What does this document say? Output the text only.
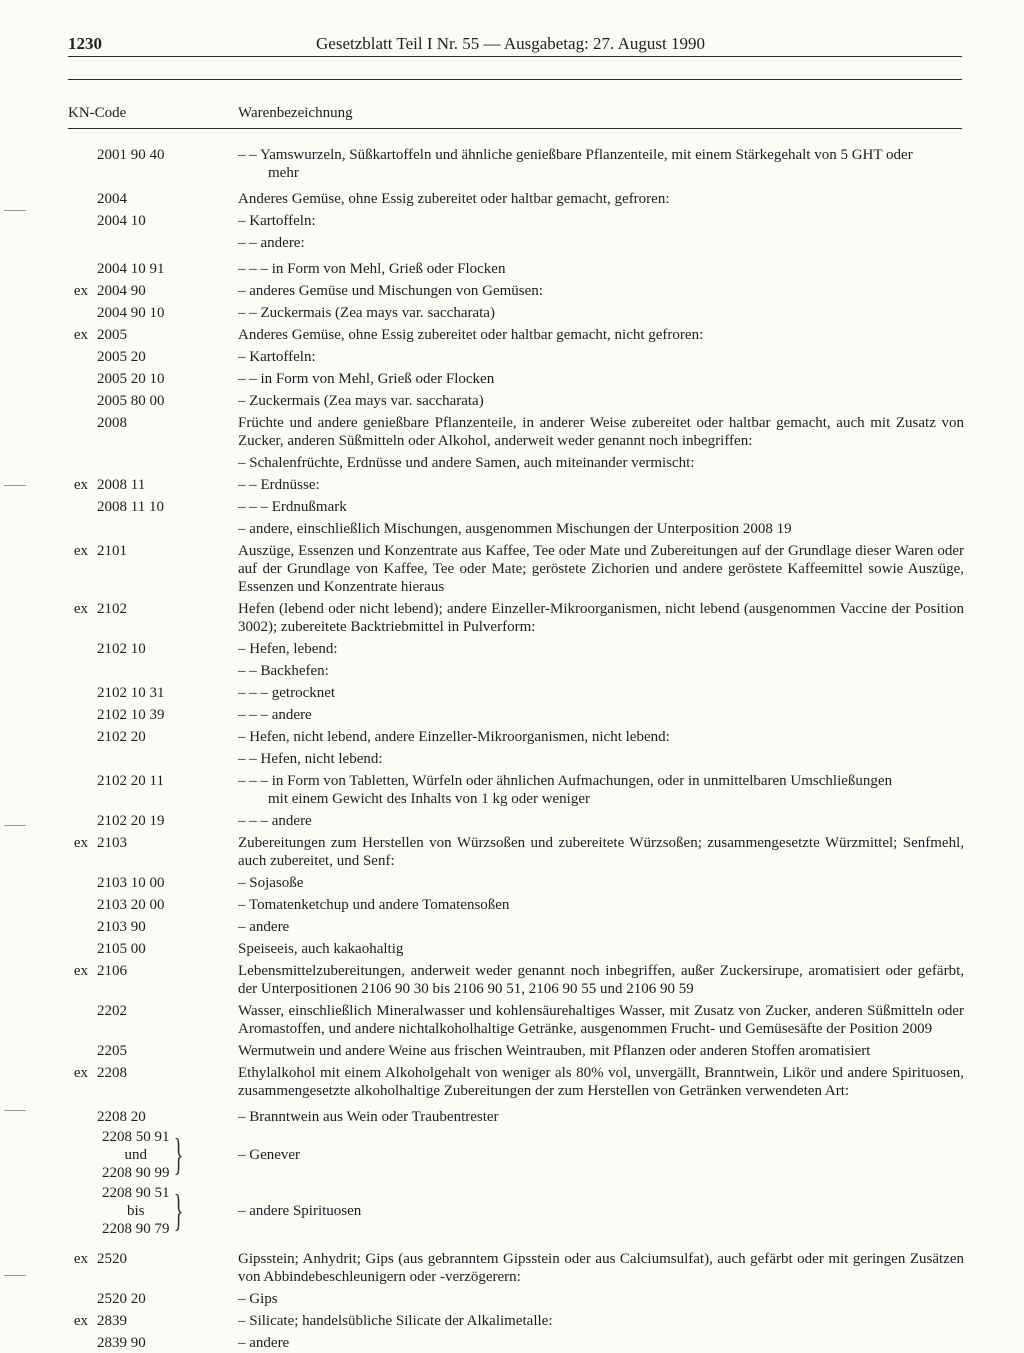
1230	Gesetzblatt Teil I Nr. 55 — Ausgabetag: 27. August 1990
KN-Code	Warenbezeichnung
2001 90 40	– – Yamswurzeln, Süßkartoffeln und ähnliche genießbare Pflanzenteile, mit einem Stärkegehalt von 5 GHT oder
mehr
2004	Anderes Gemüse, ohne Essig zubereitet oder haltbar gemacht, gefroren:
2004 10	– Kartoffeln:
– – andere:
2004 10 91	– – – in Form von Mehl, Grieß oder Flocken
ex 2004 90	– anderes Gemüse und Mischungen von Gemüsen:
2004 90 10	– – Zuckermais (Zea mays var. saccharata)
ex 2005	Anderes Gemüse, ohne Essig zubereitet oder haltbar gemacht, nicht gefroren:
2005 20	– Kartoffeln:
2005 20 10	– – in Form von Mehl, Grieß oder Flocken
2005 80 00	– Zuckermais (Zea mays var. saccharata)
2008	Früchte und andere genießbare Pflanzenteile, in anderer Weise zubereitet oder haltbar gemacht, auch mit Zusatz von Zucker, anderen Süßmitteln oder Alkohol, anderweit weder genannt noch inbegriffen:
– Schalenfrüchte, Erdnüsse und andere Samen, auch miteinander vermischt:
ex 2008 11	– – Erdnüsse:
2008 11 10	– – – Erdnußmark
– andere, einschließlich Mischungen, ausgenommen Mischungen der Unterposition 2008 19
ex 2101	Auszüge, Essenzen und Konzentrate aus Kaffee, Tee oder Mate und Zubereitungen auf der Grundlage dieser Waren oder auf der Grundlage von Kaffee, Tee oder Mate; geröstete Zichorien und andere geröstete Kaffeemittel sowie Auszüge, Essenzen und Konzentrate hieraus
ex 2102	Hefen (lebend oder nicht lebend); andere Einzeller-Mikroorganismen, nicht lebend (ausgenommen Vaccine der Position 3002); zubereitete Backtriebmittel in Pulverform:
2102 10	– Hefen, lebend:
– – Backhefen:
2102 10 31	– – – getrocknet
2102 10 39	– – – andere
2102 20	– Hefen, nicht lebend, andere Einzeller-Mikroorganismen, nicht lebend:
– – Hefen, nicht lebend:
2102 20 11	– – – in Form von Tabletten, Würfeln oder ähnlichen Aufmachungen, oder in unmittelbaren Umschließungen
mit einem Gewicht des Inhalts von 1 kg oder weniger
2102 20 19	– – – andere
ex 2103	Zubereitungen zum Herstellen von Würzsoßen und zubereitete Würzsoßen; zusammengesetzte Würzmittel; Senfmehl, auch zubereitet, und Senf:
2103 10 00	– Sojasoße
2103 20 00	– Tomatenketchup und andere Tomatensoßen
2103 90	– andere
2105 00	Speiseeis, auch kakaohaltig
ex 2106	Lebensmittelzubereitungen, anderweit weder genannt noch inbegriffen, außer Zuckersirupe, aromatisiert oder gefärbt, der Unterpositionen 2106 90 30 bis 2106 90 51, 2106 90 55 und 2106 90 59
2202	Wasser, einschließlich Mineralwasser und kohlensäurehaltiges Wasser, mit Zusatz von Zucker, anderen Süßmitteln oder Aromastoffen, und andere nichtalkoholhaltige Getränke, ausgenommen Frucht- und Gemüsesäfte der Position 2009
2205	Wermutwein und andere Weine aus frischen Weintrauben, mit Pflanzen oder anderen Stoffen aromatisiert
ex 2208	Ethylalkohol mit einem Alkoholgehalt von weniger als 80% vol, unvergällt, Branntwein, Likör und andere Spirituosen, zusammengesetzte alkoholhaltige Zubereitungen der zum Herstellen von Getränken verwendeten Art:
2208 20	– Branntwein aus Wein oder Traubentrester
2208 50 91
und
2208 90 99 }	– Genever
2208 90 51
bis
2208 90 79 }	– andere Spirituosen
ex 2520	Gipsstein; Anhydrit; Gips (aus gebranntem Gipsstein oder aus Calciumsulfat), auch gefärbt oder mit geringen Zusätzen von Abbindebeschleunigern oder -verzögerern:
2520 20	– Gips
ex 2839	– Silicate; handelsübliche Silicate der Alkalimetalle:
2839 90	– andere
